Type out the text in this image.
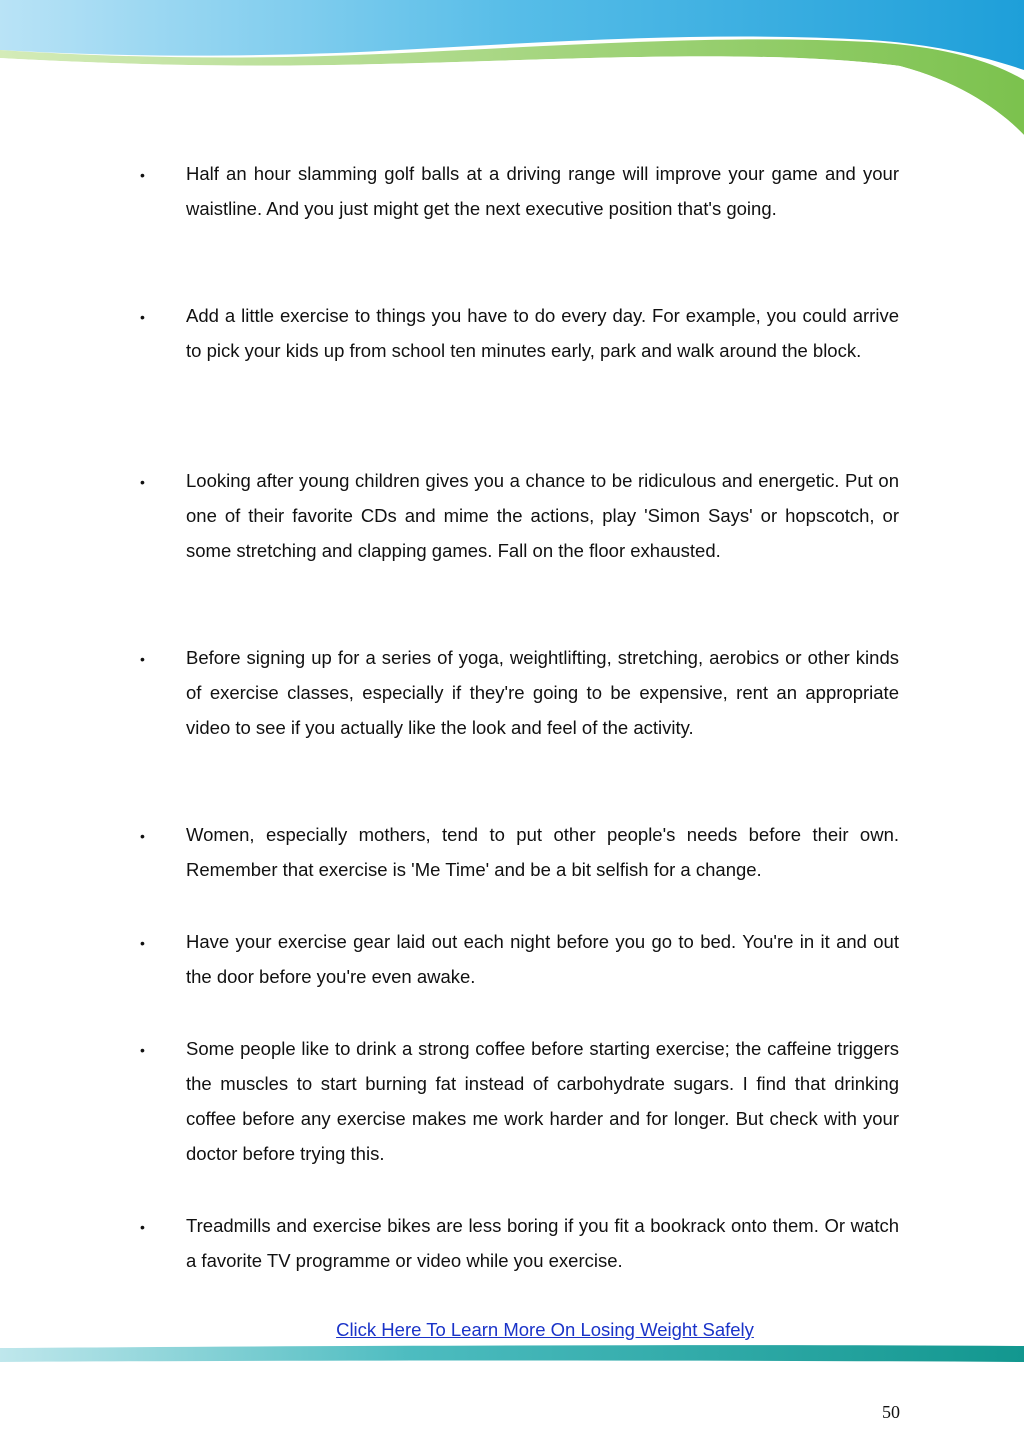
• Half an hour slamming golf balls at a driving range will improve your game and your waistline. And you just might get the next executive position that's going.

• Add a little exercise to things you have to do every day. For example, you could arrive to pick your kids up from school ten minutes early, park and walk around the block.

• Looking after young children gives you a chance to be ridiculous and energetic. Put on one of their favorite CDs and mime the actions, play 'Simon Says' or hopscotch, or some stretching and clapping games. Fall on the floor exhausted.

• Before signing up for a series of yoga, weightlifting, stretching, aerobics or other kinds of exercise classes, especially if they're going to be expensive, rent an appropriate video to see if you actually like the look and feel of the activity.

• Women, especially mothers, tend to put other people's needs before their own. Remember that exercise is 'Me Time' and be a bit selfish for a change.

• Have your exercise gear laid out each night before you go to bed. You're in it and out the door before you're even awake.

• Some people like to drink a strong coffee before starting exercise; the caffeine triggers the muscles to start burning fat instead of carbohydrate sugars. I find that drinking coffee before any exercise makes me work harder and for longer. But check with your doctor before trying this.

• Treadmills and exercise bikes are less boring if you fit a bookrack onto them. Or watch a favorite TV programme or video while you exercise.

Click Here To Learn More On Losing Weight Safely
50
